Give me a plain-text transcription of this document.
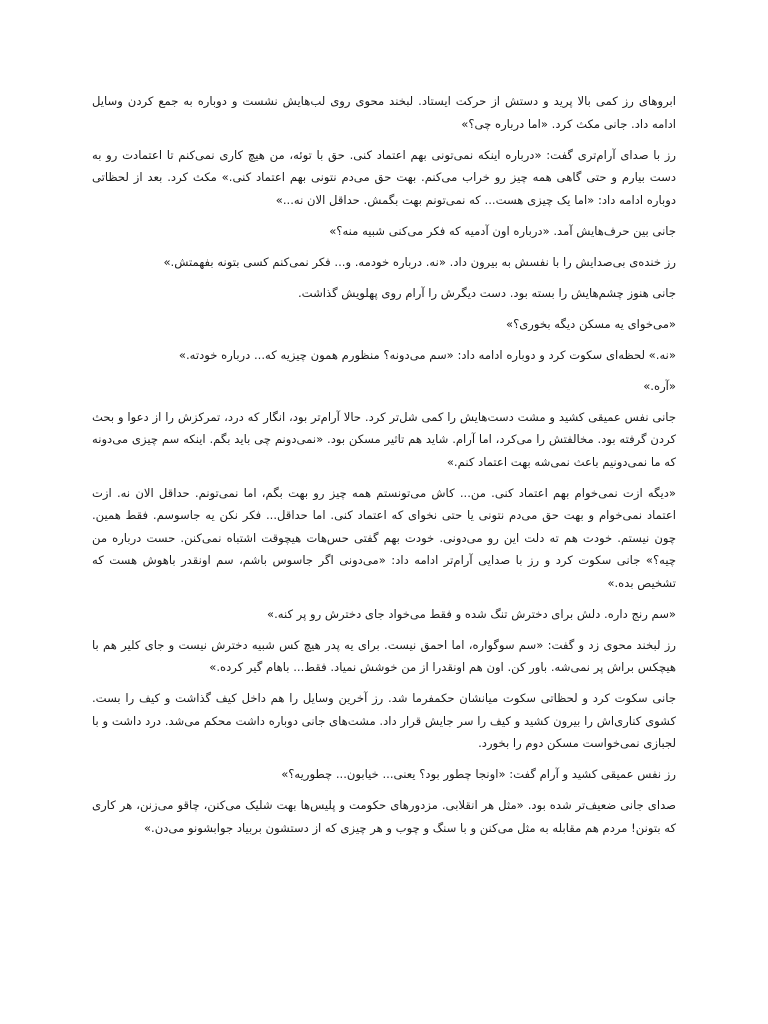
ابروهای رز کمی بالا پرید و دستش از حرکت ایستاد. لبخند محوی روی لب‌هایش نشست و دوباره به جمع کردن وسایل ادامه داد. جانی مکث کرد. «اما درباره چی؟»

رز با صدای آرام‌تری گفت: «درباره اینکه نمی‌تونی بهم اعتماد کنی. حق با توئه، من هیچ کاری نمی‌کنم تا اعتمادت رو به دست بیارم و حتی گاهی همه چیز رو خراب می‌کنم. بهت حق می‌دم نتونی بهم اعتماد کنی.» مکث کرد. بعد از لحظاتی دوباره ادامه داد: «اما یک چیزی هست... که نمی‌تونم بهت بگمش. حداقل الان نه...»

جانی بین حرف‌هایش آمد. «درباره اون آدمیه که فکر می‌کنی شبیه منه؟»

رز خنده‌ی بی‌صدایش را با نفسش به بیرون داد. «نه. درباره خودمه. و... فکر نمی‌کنم کسی بتونه بفهمتش.»

جانی هنوز چشم‌هایش را بسته بود. دست دیگرش را آرام روی پهلویش گذاشت.

«می‌خوای یه مسکن دیگه بخوری؟»

«نه.» لحظه‌ای سکوت کرد و دوباره ادامه داد: «سم می‌دونه؟ منظورم همون چیزیه که... درباره خودته.»

«آره.»

جانی نفس عمیقی کشید و مشت دست‌هایش را کمی شل‌تر کرد. حالا آرام‌تر بود، انگار که درد، تمرکزش را از دعوا و بحث کردن گرفته بود. مخالفتش را می‌کرد، اما آرام. شاید هم تاثیر مسکن بود. «نمی‌دونم چی باید بگم. اینکه سم چیزی می‌دونه که ما نمی‌دونیم باعث نمی‌شه بهت اعتماد کنم.»

«دیگه ازت نمی‌خوام بهم اعتماد کنی. من... کاش می‌تونستم همه چیز رو بهت بگم، اما نمی‌تونم. حداقل الان نه. ازت اعتماد نمی‌خوام و بهت حق می‌دم نتونی یا حتی نخوای که اعتماد کنی. اما حداقل... فکر نکن یه جاسوسم. فقط همین. چون نیستم. خودت هم ته دلت این رو می‌دونی. خودت بهم گفتی حس‌هات هیچوقت اشتباه نمی‌کنن. حست درباره من چیه؟» جانی سکوت کرد و رز با صدایی آرام‌تر ادامه داد: «می‌دونی اگر جاسوس باشم، سم اونقدر باهوش هست که تشخیص بده.»

«سم رنج داره. دلش برای دخترش تنگ شده و فقط می‌خواد جای دخترش رو پر کنه.»

رز لبخند محوی زد و گفت: «سم سوگواره، اما احمق نیست. برای یه پدر هیچ کس شبیه دخترش نیست و جای کلیر هم با هیچکس براش پر نمی‌شه. باور کن. اون هم اونقدرا از من خوشش نمیاد. فقط... باهام گیر کرده.»

جانی سکوت کرد و لحظاتی سکوت میانشان حکمفرما شد. رز آخرین وسایل را هم داخل کیف گذاشت و کیف را بست. کشوی کناری‌اش را بیرون کشید و کیف را سر جایش قرار داد. مشت‌های جانی دوباره داشت محکم می‌شد. درد داشت و با لجبازی نمی‌خواست مسکن دوم را بخورد.

رز نفس عمیقی کشید و آرام گفت: «اونجا چطور بود؟ یعنی... خیابون... چطوریه؟»

صدای جانی ضعیف‌تر شده بود. «مثل هر انقلابی. مزدورهای حکومت و پلیس‌ها بهت شلیک می‌کنن، چاقو می‌زنن، هر کاری که بتونن! مردم هم مقابله به مثل می‌کنن و با سنگ و چوب و هر چیزی که از دستشون بربیاد جوابشونو می‌دن.»
